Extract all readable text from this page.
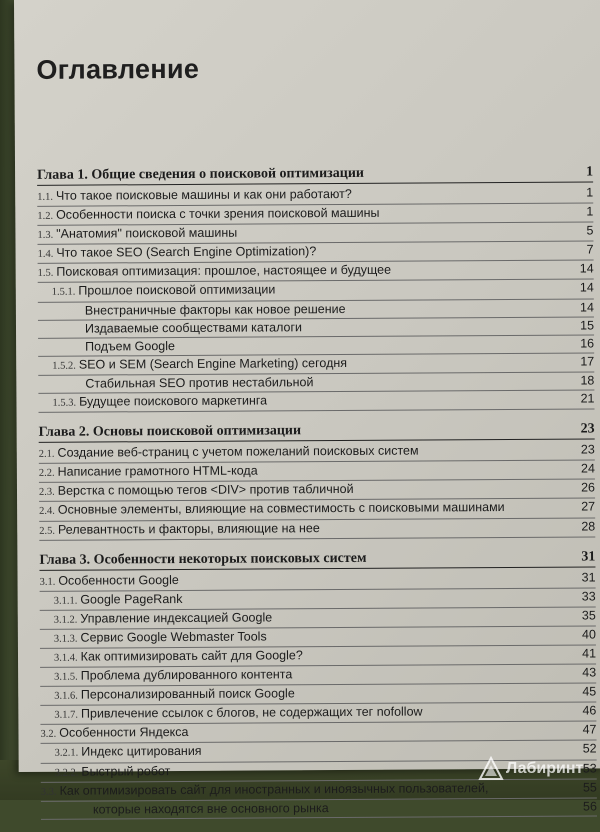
Оглавление
Глава 1. Общие сведения о поисковой оптимизации	1
1.1. Что такое поисковые машины и как они работают?	1
1.2. Особенности поиска с точки зрения поисковой машины	1
1.3. "Анатомия" поисковой машины	5
1.4. Что такое SEO (Search Engine Optimization)?	7
1.5. Поисковая оптимизация: прошлое, настоящее и будущее	14
1.5.1. Прошлое поисковой оптимизации	14
Внестраничные факторы как новое решение	14
Издаваемые сообществами каталоги	15
Подъем Google	16
1.5.2. SEO и SEM (Search Engine Marketing) сегодня	17
Стабильная SEO против нестабильной	18
1.5.3. Будущее поискового маркетинга	21
Глава 2. Основы поисковой оптимизации	23
2.1. Создание веб-страниц с учетом пожеланий поисковых систем	23
2.2. Написание грамотного HTML-кода	24
2.3. Верстка с помощью тегов <DIV> против табличной	26
2.4. Основные элементы, влияющие на совместимость с поисковыми машинами	27
2.5. Релевантность и факторы, влияющие на нее	28
Глава 3. Особенности некоторых поисковых систем	31
3.1. Особенности Google	31
3.1.1. Google PageRank	33
3.1.2. Управление индексацией Google	35
3.1.3. Сервис Google Webmaster Tools	40
3.1.4. Как оптимизировать сайт для Google?	41
3.1.5. Проблема дублированного контента	43
3.1.6. Персонализированный поиск Google	45
3.1.7. Привлечение ссылок с блогов, не содержащих тег nofollow	46
3.2. Особенности Яндекса	47
3.2.1. Индекс цитирования	52
3.2.2. Быстрый робот	53
3.3. Как оптимизировать сайт для иностранных и иноязычных пользователей,	55
которые находятся вне основного рынка	56
Лабиринт
